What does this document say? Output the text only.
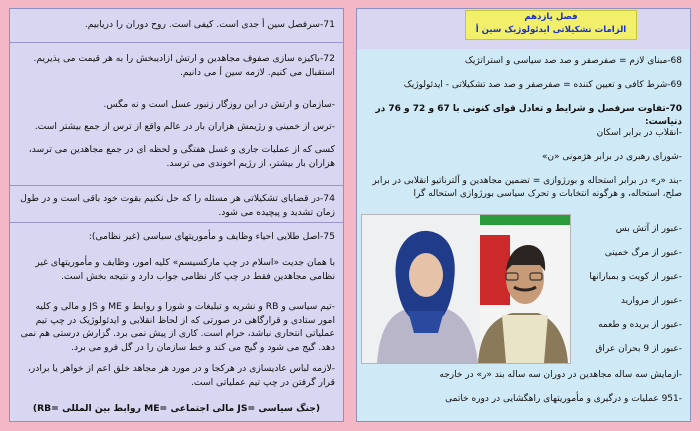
71-سرفصل سین أ جدی است. کیفی است. روح دوران را دریابیم.

72-باکیزه سازی صفوف مجاهدین و ارتش ازادیبخش را به هر قیمت می پذیریم. استقبال می کنیم. لازمه سین أ می دانیم.

-سازمان و ارتش در این روزگار زنبور عسل است و نه مگس.

-ترس از خمینی و رژیمش هزاران بار در عالم واقع از ترس از جمع بیشتر است.

کسی که از عملیات جاری و غسل هفتگی و لحظه ای در جمع مجاهدین می ترسد، هزاران بار بیشتر، از رژیم اخوندی می ترسد.

74-در قضایای تشکیلاتی هر مسئله را که حل نکنیم بقوت خود باقی است و در طول زمان تشدید و پیچیده می شود.

75-اصل طلایی احیاء وظایف و مأموریتهای سیاسی (غیر نظامی):

با همان جدیت «اسلام در چپ مارکسیسم» کلیه امور، وظایف و مأموریتهای غیر نظامی مجاهدین فقط در چپ کار نظامی جواب دارد و نتیجه بخش است.

-تیم سیاسی و RB و نشریه و تبلیغات و شورا و روابط و ME و JS و مالی و کلیه امور ستادی و قرارگاهی در صورتی که از لحاظ انقلابی و ایدئولوژیک در چپ تیم عملیاتی انتحاری نباشد، حرام است. کاری از پیش نمی برد. گزارش درستی هم نمی دهد. گیج می شود و گیج می کند و خط سازمان را در گل فرو می برد.

-لازمه لباس عادیسازی در هرکجا و در مورد هر مجاهد خلق اعم از خواهر یا برادر، قرار گرفتن در چپ تیم عملیاتی است.

(RB= روابط بین المللی ME= مالی اجتماعی JS= جنگ سیاسی)

فصل یازدهم
الزامات تشکیلاتی ایدئولوژیک سین أ

68-مبنای لازم = صفرصفر و صد صد سیاسی و استراتژیک

69-شرط کافی و تعیین کننده = صفرصفر و صد صد تشکیلاتی - ایدئولوژیک

70-تفاوت سرفصل و شرایط و تعادل قوای کنونی با 67 و 72 و 76 در دنیاست:

-انقلاب در برابر اسکان

-شورای رهبری در برابر هژمونی «ن»

-بند «ر» در برابر استحاله و بورژوازی = تضمین مجاهدین و آلترناتیو انقلابی در برابر صلح، استحاله، و هرگونه انتخابات و تحرک سیاسی بورژوازی استحاله گرا

-عبور از آتش بس

-عبور از مرگ خمینی

-عبور از کویت و بمبارانها

-عبور از مروارید

-عبور از بریده و طعمه

-عبور از 9 بحران عراق

-ازمایش سه ساله مجاهدین در دوران سه ساله بند «ر» در خارجه

-951 عملیات و درگیری و مأموریتهای راهگشایی در دوره خاتمی
